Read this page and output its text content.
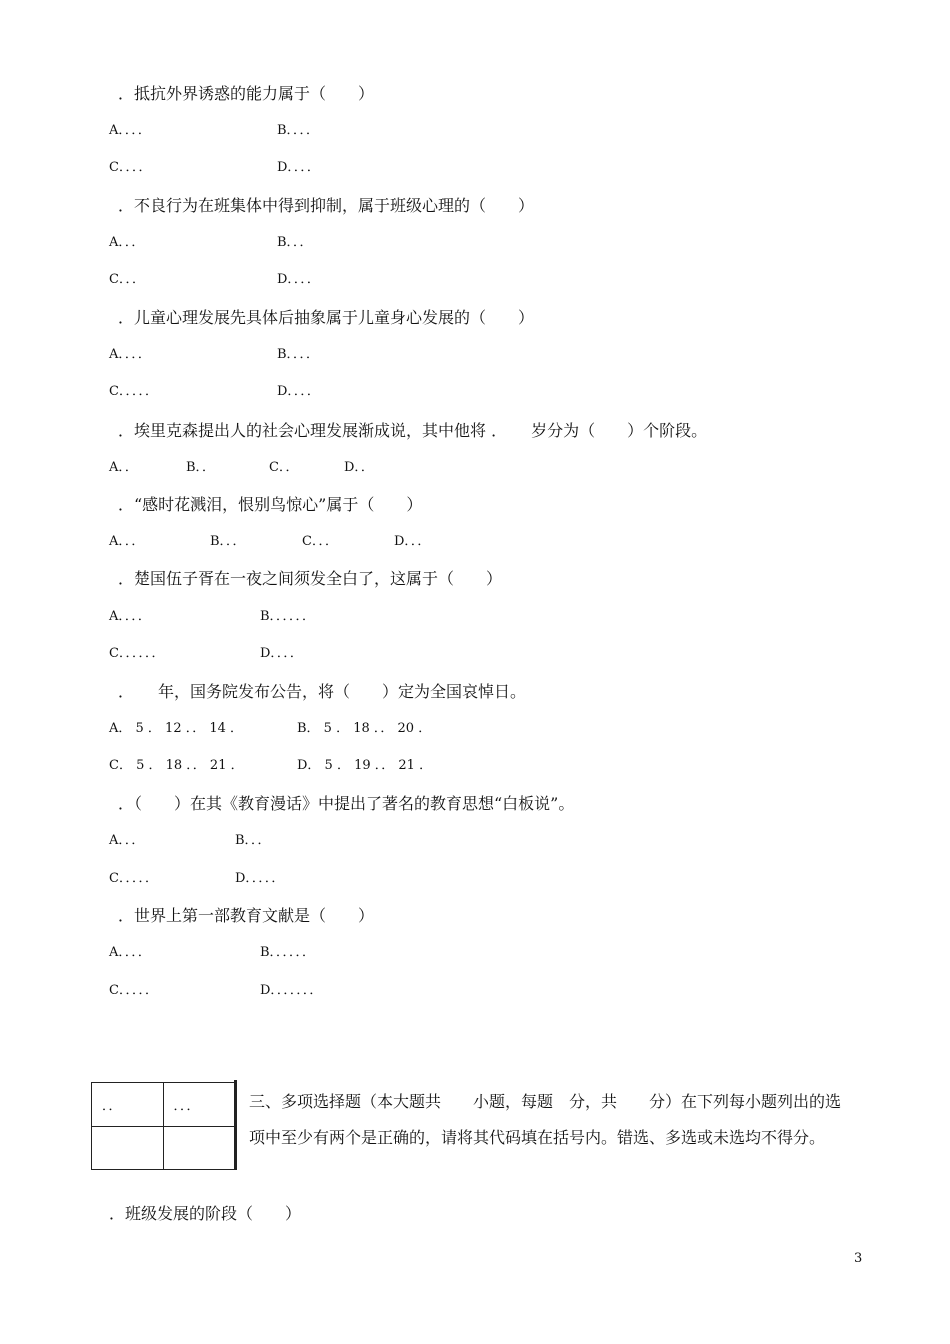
．抵抗外界诱惑的能力属于（　　）
A．．．．	B．．．．
C．．．．	D．．．．
．不良行为在班集体中得到抑制，属于班级心理的（　　）
A．．．	B．．．
C．．．	D．．．．
．儿童心理发展先具体后抽象属于儿童身心发展的（　　）
A．．．．	B．．．．
C．．．．．	D．．．．
．埃里克森提出人的社会心理发展渐成说，其中他将 ．　　岁分为（　　）个阶段。
A．．	B．．	C．．	D．．
．“感时花溅泪，恨别鸟惊心”属于（　　）
A．．．	B．．．	C．．．	D．．．
．楚国伍子胥在一夜之间须发全白了，这属于（　　）
A．．．．	B．．．．．．
C．．．．．．	D．．．．
．　　年，国务院发布公告，将（　　）定为全国哀悼日。
A． 5 ． 12 ．． 14 ．	B． 5 ． 18 ．． 20 ．
C． 5 ． 18 ．． 21 ．	D． 5 ． 19 ．． 21 ．
．（　　）在其《教育漫话》中提出了著名的教育思想“白板说”。
A．．．	B．．．
C．．．．．	D．．．．．
．世界上第一部教育文献是（　　）
A．．．．	B．．．．．．
C．．．．．	D．．．．．．．
．．	．．．
		三、多项选择题（本大题共　　小题，每题　分，共　　分）在下列每小题列出的选
项中至少有两个是正确的，请将其代码填在括号内。错选、多选或未选均不得分。
．班级发展的阶段（　　）
3
